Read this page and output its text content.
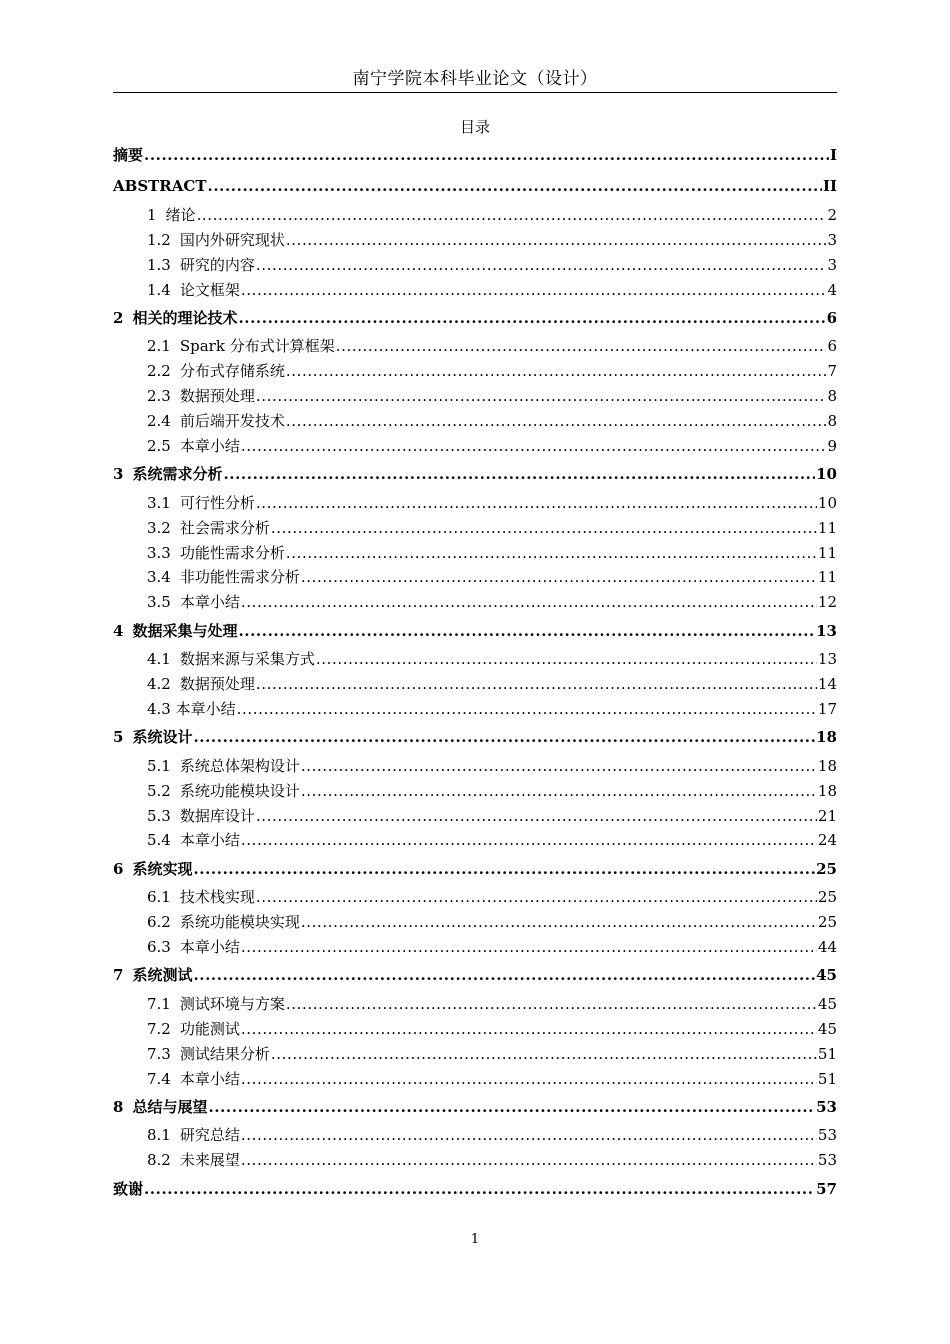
南宁学院本科毕业论文（设计）
目录
摘要 .....	I
ABSTRACT .....	II
1 绪论 .....	2
1.2 国内外研究现状 .....	3
1.3 研究的内容 .....	3
1.4 论文框架 .....	4
2 相关的理论技术 .....	6
2.1 Spark 分布式计算框架 .....	6
2.2 分布式存储系统 .....	7
2.3 数据预处理 .....	8
2.4 前后端开发技术 .....	8
2.5 本章小结 .....	9
3 系统需求分析 .....	10
3.1 可行性分析 .....	10
3.2 社会需求分析 .....	11
3.3 功能性需求分析 .....	11
3.4 非功能性需求分析 .....	11
3.5 本章小结 .....	12
4 数据采集与处理 .....	13
4.1 数据来源与采集方式 .....	13
4.2 数据预处理 .....	14
4.3 本章小结 .....	17
5 系统设计 .....	18
5.1 系统总体架构设计 .....	18
5.2 系统功能模块设计 .....	18
5.3 数据库设计 .....	21
5.4 本章小结 .....	24
6 系统实现 .....	25
6.1 技术栈实现 .....	25
6.2 系统功能模块实现 .....	25
6.3 本章小结 .....	44
7 系统测试 .....	45
7.1 测试环境与方案 .....	45
7.2 功能测试 .....	45
7.3 测试结果分析 .....	51
7.4 本章小结 .....	51
8 总结与展望 .....	53
8.1 研究总结 .....	53
8.2 未来展望 .....	53
致谢 .....	57
1
